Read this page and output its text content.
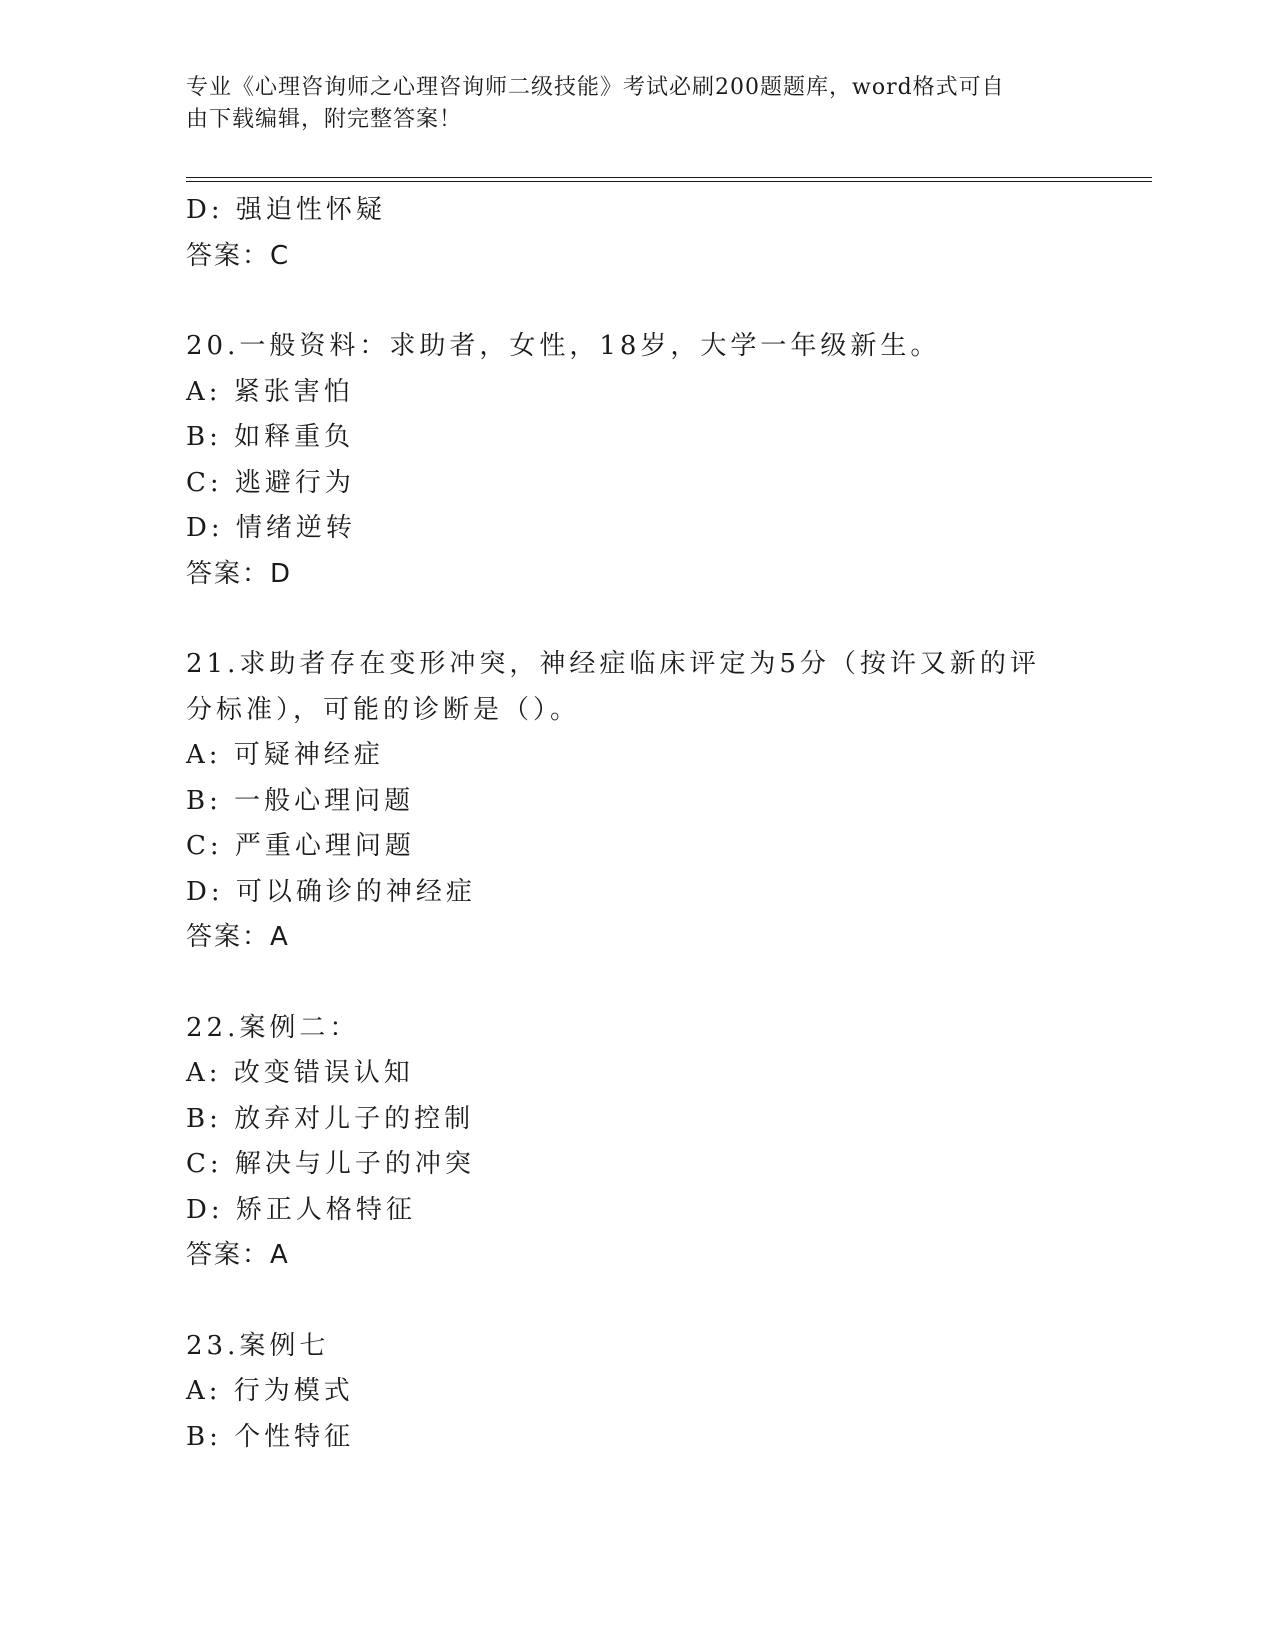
专业《心理咨询师之心理咨询师二级技能》考试必刷200题题库，word格式可自
由下载编辑，附完整答案！
D: 强迫性怀疑
答案：C
20.一般资料：求助者，女性，18岁，大学一年级新生。
A: 紧张害怕
B: 如释重负
C: 逃避行为
D: 情绪逆转
答案：D
21.求助者存在变形冲突，神经症临床评定为5分（按许又新的评分标准），可能的诊断是（）。
A: 可疑神经症
B: 一般心理问题
C: 严重心理问题
D: 可以确诊的神经症
答案：A
22.案例二：
A: 改变错误认知
B: 放弃对儿子的控制
C: 解决与儿子的冲突
D: 矫正人格特征
答案：A
23.案例七
A: 行为模式
B: 个性特征
